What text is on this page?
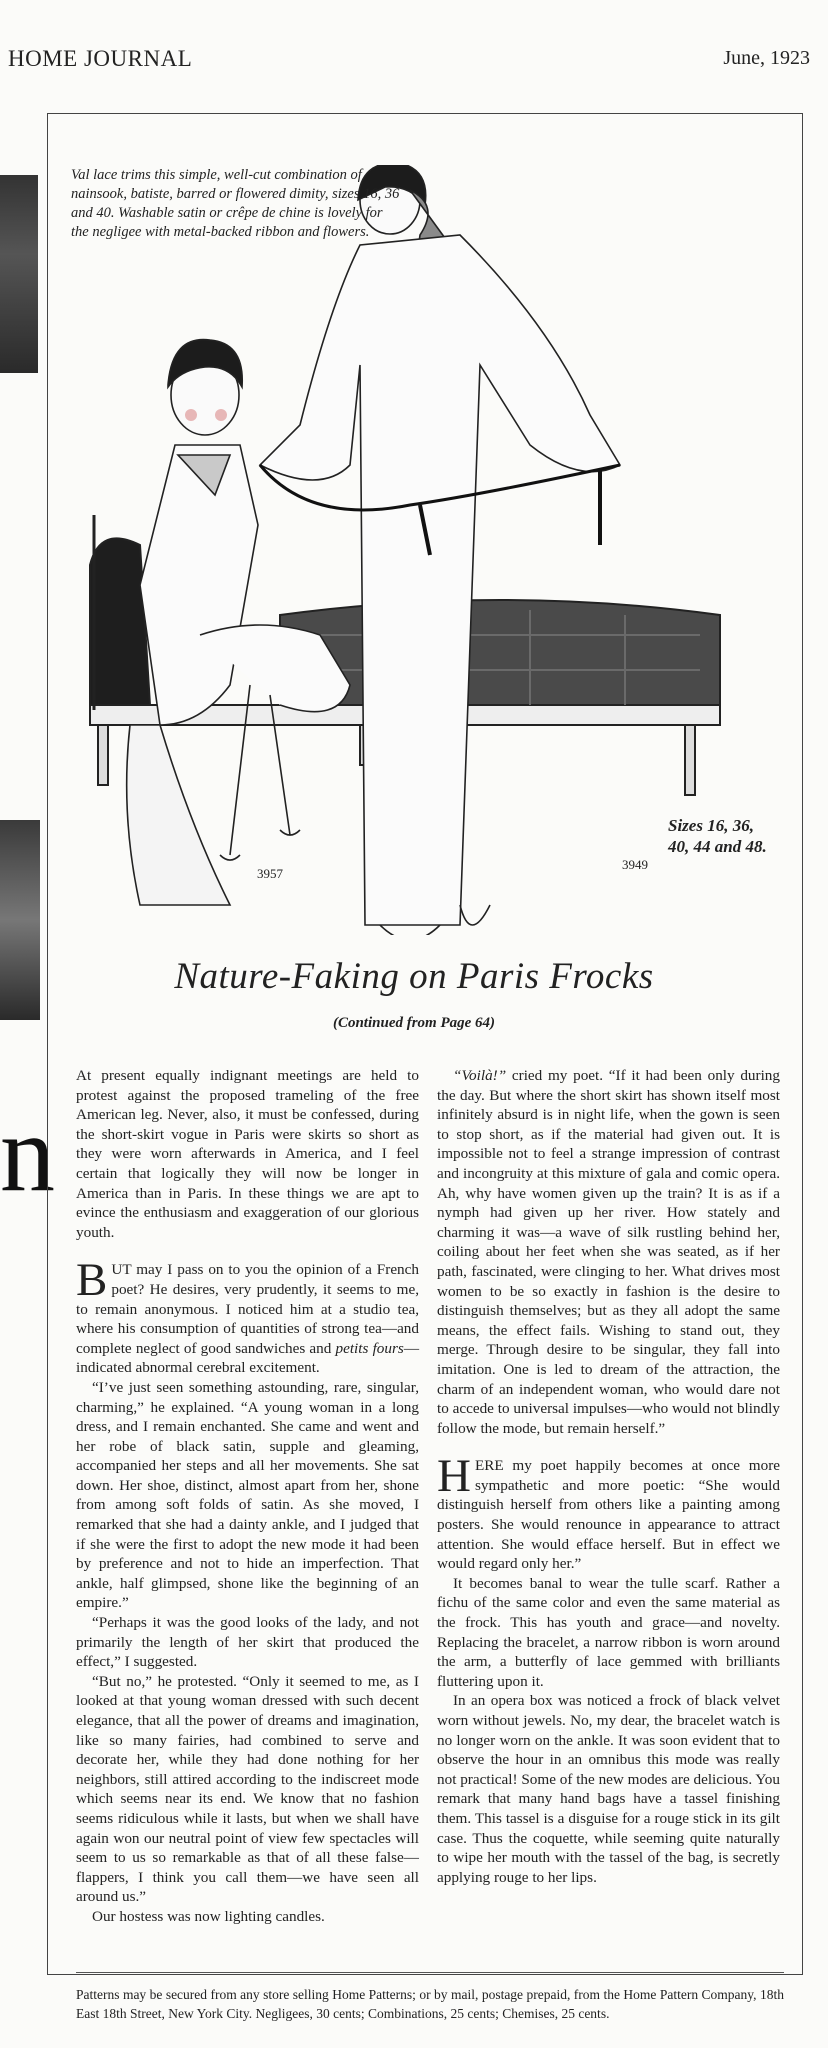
HOME JOURNAL	June, 1923
n
Val lace trims this simple, well-cut combination of nainsook, batiste, barred or flowered dimity, sizes 16, 36 and 40. Washable satin or crêpe de chine is lovely for the negligee with metal-backed ribbon and flowers.
Sizes 16, 36, 40, 44 and 48.
3957
3949
Nature-Faking on Paris Frocks
(Continued from Page 64)

At present equally indignant meetings are held to protest against the proposed trameling of the free American leg. Never, also, it must be confessed, during the short-skirt vogue in Paris were skirts so short as they were worn afterwards in America, and I feel certain that logically they will now be longer in America than in Paris. In these things we are apt to evince the enthusiasm and exaggeration of our glorious youth.

BUT may I pass on to you the opinion of a French poet? He desires, very prudently, it seems to me, to remain anonymous. I noticed him at a studio tea, where his consumption of quantities of strong tea—and complete neglect of good sandwiches and petits fours—indicated abnormal cerebral excitement.

“I’ve just seen something astounding, rare, singular, charming,” he explained. “A young woman in a long dress, and I remain enchanted. She came and went and her robe of black satin, supple and gleaming, accompanied her steps and all her movements. She sat down. Her shoe, distinct, almost apart from her, shone from among soft folds of satin. As she moved, I remarked that she had a dainty ankle, and I judged that if she were the first to adopt the new mode it had been by preference and not to hide an imperfection. That ankle, half glimpsed, shone like the beginning of an empire.”

“Perhaps it was the good looks of the lady, and not primarily the length of her skirt that produced the effect,” I suggested.

“But no,” he protested. “Only it seemed to me, as I looked at that young woman dressed with such decent elegance, that all the power of dreams and imagination, like so many fairies, had combined to serve and decorate her, while they had done nothing for her neighbors, still attired according to the indiscreet mode which seems near its end. We know that no fashion seems ridiculous while it lasts, but when we shall have again won our neutral point of view few spectacles will seem to us so remarkable as that of all these false—flappers, I think you call them—we have seen all around us.”

Our hostess was now lighting candles.

“Voilà!” cried my poet. “If it had been only during the day. But where the short skirt has shown itself most infinitely absurd is in night life, when the gown is seen to stop short, as if the material had given out. It is impossible not to feel a strange impression of contrast and incongruity at this mixture of gala and comic opera. Ah, why have women given up the train? It is as if a nymph had given up her river. How stately and charming it was—a wave of silk rustling behind her, coiling about her feet when she was seated, as if her path, fascinated, were clinging to her. What drives most women to be so exactly in fashion is the desire to distinguish themselves; but as they all adopt the same means, the effect fails. Wishing to stand out, they merge. Through desire to be singular, they fall into imitation. One is led to dream of the attraction, the charm of an independent woman, who would dare not to accede to universal impulses—who would not blindly follow the mode, but remain herself.”

HERE my poet happily becomes at once more sympathetic and more poetic: “She would distinguish herself from others like a painting among posters. She would renounce in appearance to attract attention. She would efface herself. But in effect we would regard only her.”

It becomes banal to wear the tulle scarf. Rather a fichu of the same color and even the same material as the frock. This has youth and grace—and novelty. Replacing the bracelet, a narrow ribbon is worn around the arm, a butterfly of lace gemmed with brilliants fluttering upon it.

In an opera box was noticed a frock of black velvet worn without jewels. No, my dear, the bracelet watch is no longer worn on the ankle. It was soon evident that to observe the hour in an omnibus this mode was really not practical! Some of the new modes are delicious. You remark that many hand bags have a tassel finishing them. This tassel is a disguise for a rouge stick in its gilt case. Thus the coquette, while seeming quite naturally to wipe her mouth with the tassel of the bag, is secretly applying rouge to her lips.

Patterns may be secured from any store selling Home Patterns; or by mail, postage prepaid, from the Home Pattern Company, 18th East 18th Street, New York City. Negligees, 30 cents; Combinations, 25 cents; Chemises, 25 cents.
